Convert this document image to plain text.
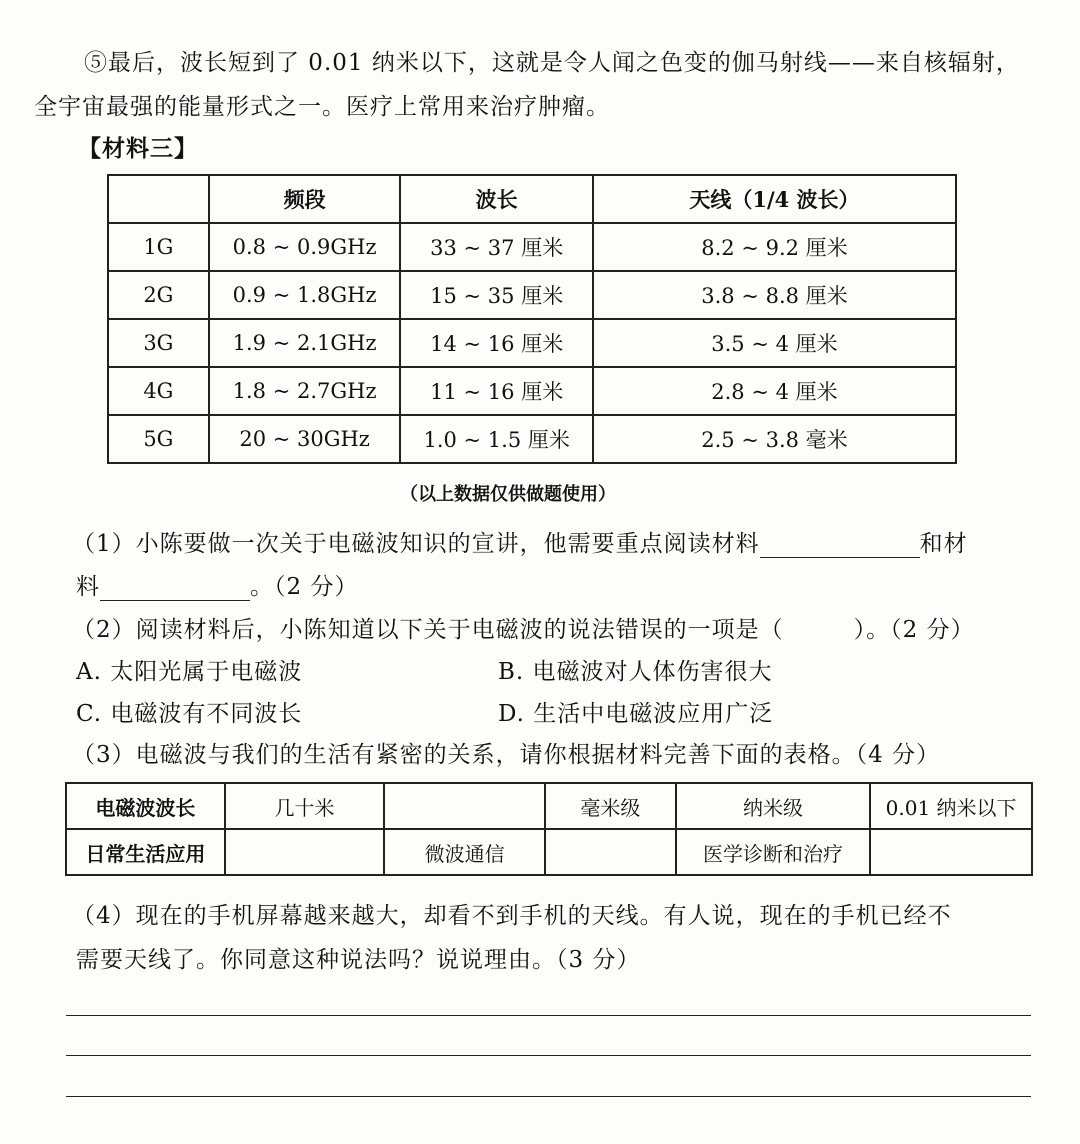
⑤最后，波长短到了 0.01 纳米以下，这就是令人闻之色变的伽马射线——来自核辐射，
全宇宙最强的能量形式之一。医疗上常用来治疗肿瘤。
【材料三】
	频段	波长	天线（1/4 波长）
1G	0.8 ~ 0.9GHz	33 ~ 37 厘米	8.2 ~ 9.2 厘米
2G	0.9 ~ 1.8GHz	15 ~ 35 厘米	3.8 ~ 8.8 厘米
3G	1.9 ~ 2.1GHz	14 ~ 16 厘米	3.5 ~ 4 厘米
4G	1.8 ~ 2.7GHz	11 ~ 16 厘米	2.8 ~ 4 厘米
5G	20 ~ 30GHz	1.0 ~ 1.5 厘米	2.5 ~ 3.8 毫米
（以上数据仅供做题使用）
（1）小陈要做一次关于电磁波知识的宣讲，他需要重点阅读材料	和材
料	。（2 分）
（2）阅读材料后，小陈知道以下关于电磁波的说法错误的一项是（	）。（2 分）
A. 太阳光属于电磁波	B. 电磁波对人体伤害很大
C. 电磁波有不同波长	D. 生活中电磁波应用广泛
（3）电磁波与我们的生活有紧密的关系，请你根据材料完善下面的表格。（4 分）
电磁波波长	几十米		毫米级	纳米级	0.01 纳米以下
日常生活应用		微波通信		医学诊断和治疗	
（4）现在的手机屏幕越来越大，却看不到手机的天线。有人说，现在的手机已经不
需要天线了。你同意这种说法吗？说说理由。（3 分）
